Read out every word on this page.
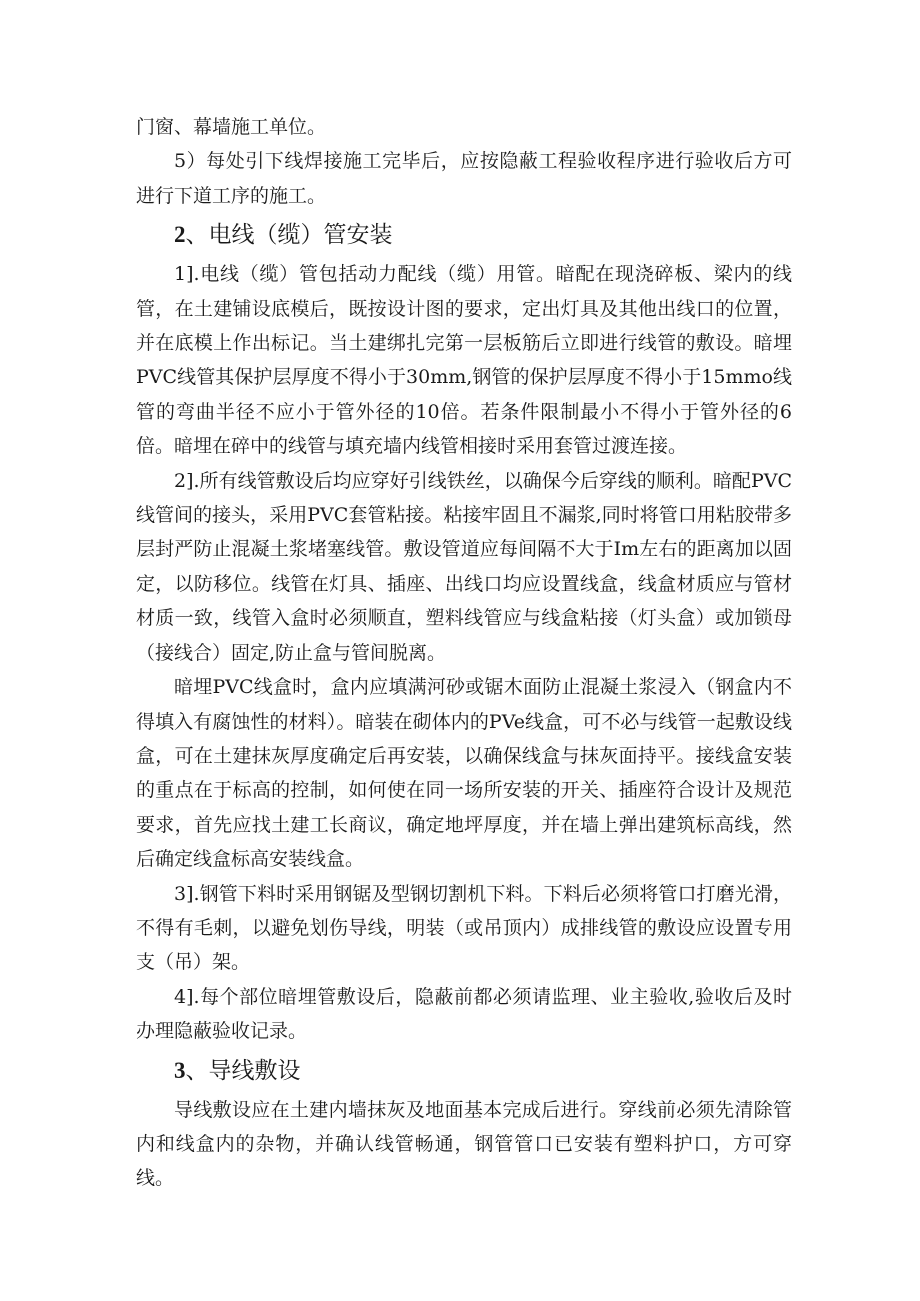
门窗、幕墙施工单位。

5）每处引下线焊接施工完毕后，应按隐蔽工程验收程序进行验收后方可进行下道工序的施工。

2、电线（缆）管安装

1].电线（缆）管包括动力配线（缆）用管。暗配在现浇碎板、梁内的线管，在土建铺设底模后，既按设计图的要求，定出灯具及其他出线口的位置，并在底模上作出标记。当土建绑扎完第一层板筋后立即进行线管的敷设。暗埋PVC线管其保护层厚度不得小于30mm,钢管的保护层厚度不得小于15mmo线管的弯曲半径不应小于管外径的10倍。若条件限制最小不得小于管外径的6倍。暗埋在碎中的线管与填充墙内线管相接时采用套管过渡连接。

2].所有线管敷设后均应穿好引线铁丝，以确保今后穿线的顺利。暗配PVC线管间的接头，采用PVC套管粘接。粘接牢固且不漏浆,同时将管口用粘胶带多层封严防止混凝土浆堵塞线管。敷设管道应每间隔不大于Im左右的距离加以固定，以防移位。线管在灯具、插座、出线口均应设置线盒，线盒材质应与管材材质一致，线管入盒时必须顺直，塑料线管应与线盒粘接（灯头盒）或加锁母（接线合）固定,防止盒与管间脱离。

暗埋PVC线盒时，盒内应填满河砂或锯木面防止混凝土浆浸入（钢盒内不得填入有腐蚀性的材料）。暗装在砌体内的PVe线盒，可不必与线管一起敷设线盒，可在土建抹灰厚度确定后再安装，以确保线盒与抹灰面持平。接线盒安装的重点在于标高的控制，如何使在同一场所安装的开关、插座符合设计及规范要求，首先应找土建工长商议，确定地坪厚度，并在墙上弹出建筑标高线，然后确定线盒标高安装线盒。

3].钢管下料时采用钢锯及型钢切割机下料。下料后必须将管口打磨光滑，不得有毛刺，以避免划伤导线，明装（或吊顶内）成排线管的敷设应设置专用支（吊）架。

4].每个部位暗埋管敷设后，隐蔽前都必须请监理、业主验收,验收后及时办理隐蔽验收记录。

3、导线敷设

导线敷设应在土建内墙抹灰及地面基本完成后进行。穿线前必须先清除管内和线盒内的杂物，并确认线管畅通，钢管管口已安装有塑料护口，方可穿线。
